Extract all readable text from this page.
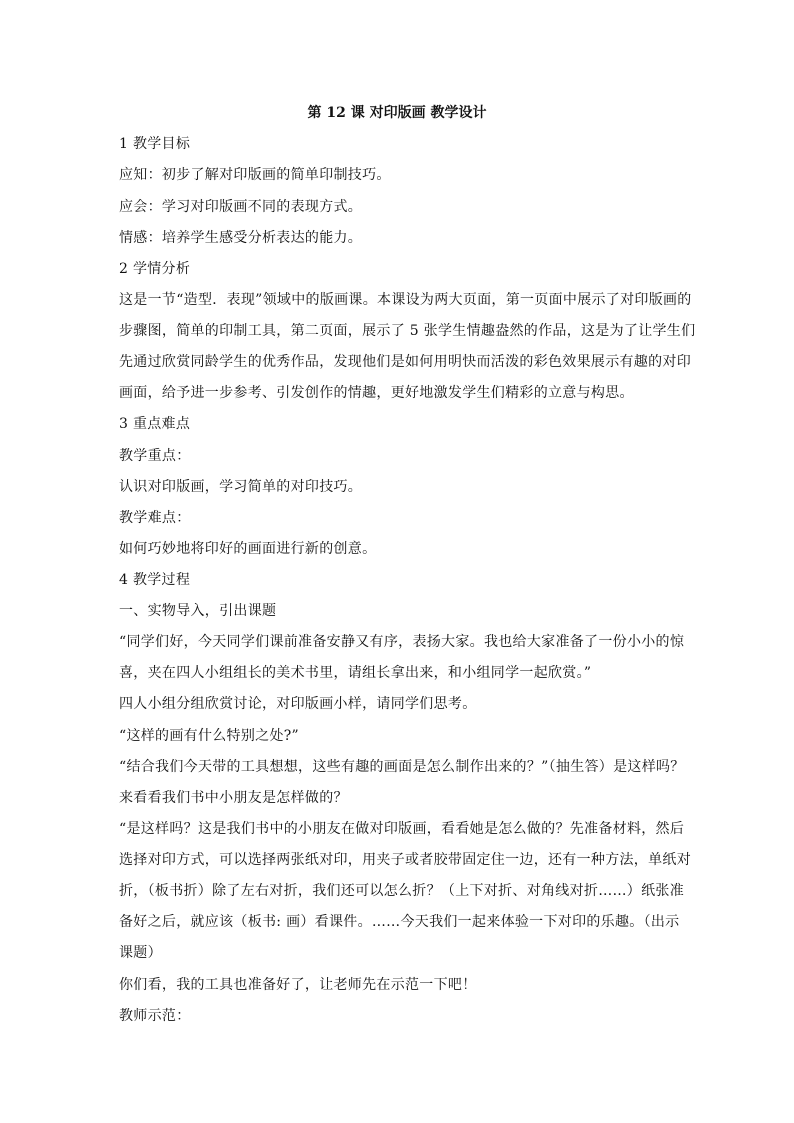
第 12 课 对印版画 教学设计
1 教学目标
应知：初步了解对印版画的简单印制技巧。
应会：学习对印版画不同的表现方式。
情感：培养学生感受分析表达的能力。
2 学情分析
这是一节“造型．表现”领域中的版画课。本课设为两大页面，第一页面中展示了对印版画的
步骤图，简单的印制工具，第二页面，展示了 5 张学生情趣盎然的作品，这是为了让学生们
先通过欣赏同龄学生的优秀作品，发现他们是如何用明快而活泼的彩色效果展示有趣的对印
画面，给予进一步参考、引发创作的情趣，更好地激发学生们精彩的立意与构思。
3 重点难点
教学重点：
认识对印版画，学习简单的对印技巧。
教学难点：
如何巧妙地将印好的画面进行新的创意。
4 教学过程
一、实物导入，引出课题
“同学们好，今天同学们课前准备安静又有序，表扬大家。我也给大家准备了一份小小的惊
喜，夹在四人小组组长的美术书里，请组长拿出来，和小组同学一起欣赏。”
四人小组分组欣赏讨论，对印版画小样，请同学们思考。
“这样的画有什么特别之处?”
“结合我们今天带的工具想想，这些有趣的画面是怎么制作出来的？”（抽生答）是这样吗？
来看看我们书中小朋友是怎样做的？
“是这样吗？这是我们书中的小朋友在做对印版画，看看她是怎么做的？先准备材料，然后
选择对印方式，可以选择两张纸对印，用夹子或者胶带固定住一边，还有一种方法，单纸对
折，（板书折）除了左右对折，我们还可以怎么折？（上下对折、对角线对折……）纸张准
备好之后，就应该（板书: 画）看课件。……今天我们一起来体验一下对印的乐趣。（出示
课题）
你们看，我的工具也准备好了，让老师先在示范一下吧！
教师示范：
